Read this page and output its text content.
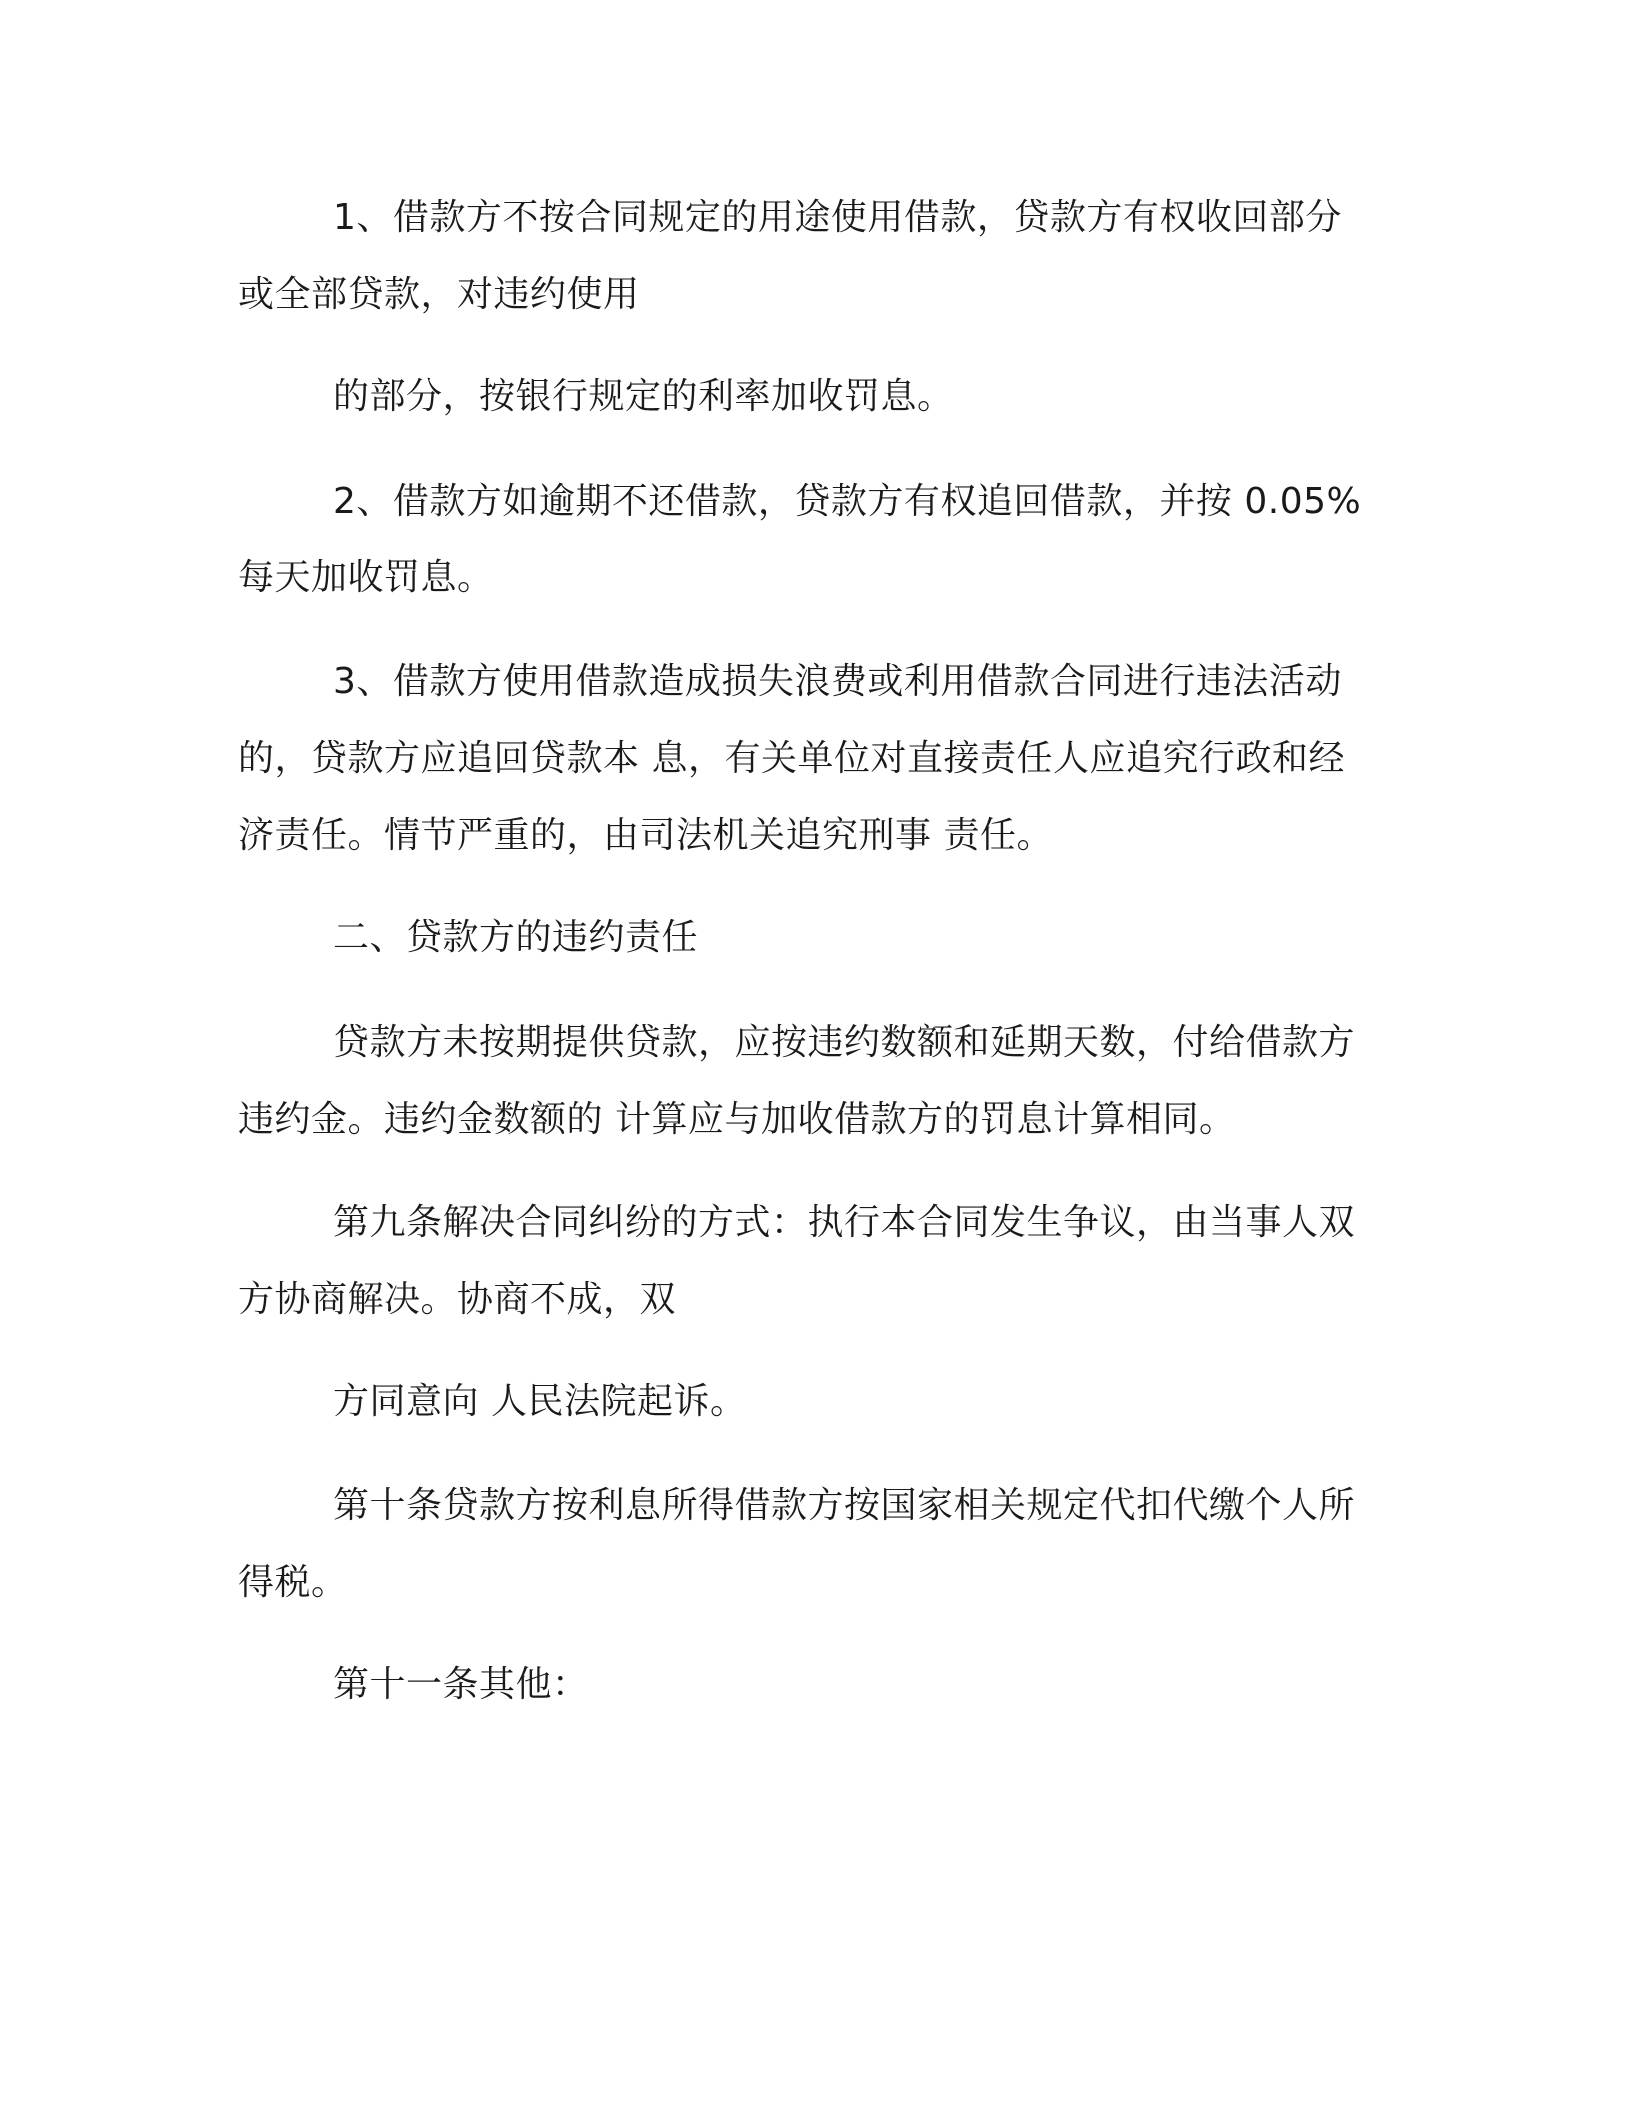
1、借款方不按合同规定的用途使用借款，贷款方有权收回部分
或全部贷款，对违约使用
的部分，按银行规定的利率加收罚息。
2、借款方如逾期不还借款，贷款方有权追回借款，并按 0.05%
每天加收罚息。
3、借款方使用借款造成损失浪费或利用借款合同进行违法活动
的，贷款方应追回贷款本 息，有关单位对直接责任人应追究行政和经
济责任。情节严重的，由司法机关追究刑事 责任。
二、贷款方的违约责任
贷款方未按期提供贷款，应按违约数额和延期天数，付给借款方
违约金。违约金数额的 计算应与加收借款方的罚息计算相同。
第九条解决合同纠纷的方式：执行本合同发生争议，由当事人双
方协商解决。协商不成，双
方同意向 人民法院起诉。
第十条贷款方按利息所得借款方按国家相关规定代扣代缴个人所
得税。
第十一条其他：
